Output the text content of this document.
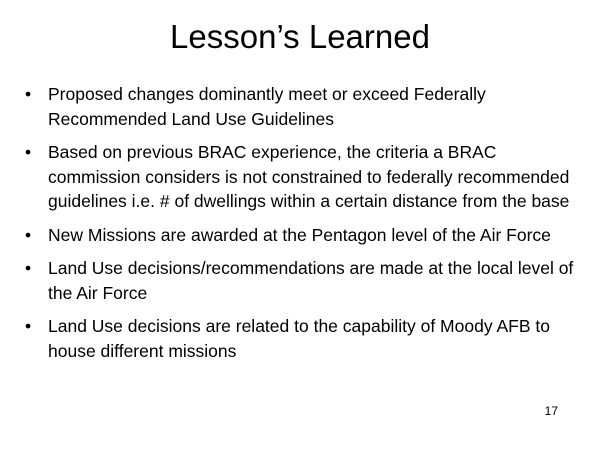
Lesson’s Learned
• Proposed changes dominantly meet or exceed Federally Recommended Land Use Guidelines
• Based on previous BRAC experience, the criteria a BRAC commission considers is not constrained to federally recommended guidelines i.e. # of dwellings within a certain distance from the base
• New Missions are awarded at the Pentagon level of the Air Force
• Land Use decisions/recommendations are made at the local level of the Air Force
• Land Use decisions are related to the capability of Moody AFB to house different missions
17
